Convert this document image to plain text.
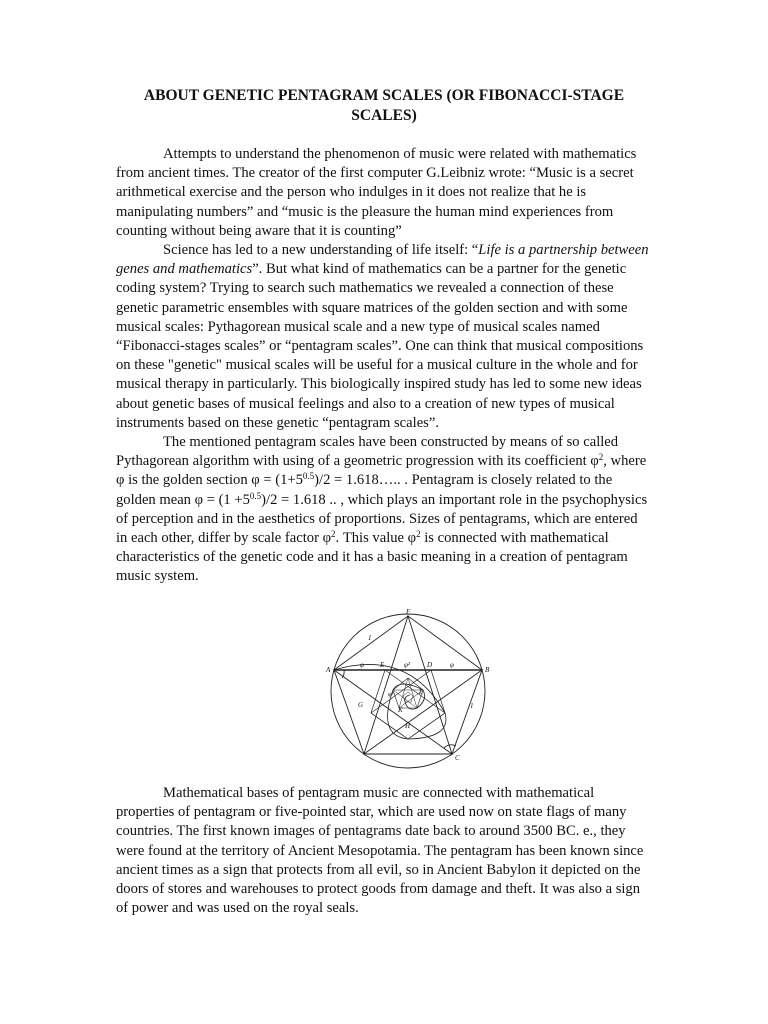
ABOUT GENETIC PENTAGRAM SCALES (OR FIBONACCI-STAGE SCALES)

Attempts to understand the phenomenon of music were related with mathematics from ancient times. The creator of the first computer G.Leibniz wrote: “Music is a secret arithmetical exercise and the person who indulges in it does not realize that he is manipulating numbers” and “music is the pleasure the human mind experiences from counting without being aware that it is counting”

Science has led to a new understanding of life itself: “Life is a partnership between genes and mathematics”. But what kind of mathematics can be a partner for the genetic coding system? Trying to search such mathematics we revealed a connection of these genetic parametric ensembles with square matrices of the golden section and with some musical scales: Pythagorean musical scale and a new type of musical scales named “Fibonacci-stages scales” or “pentagram scales”. One can think that musical compositions on these "genetic" musical scales will be useful for a musical culture in the whole and for musical therapy in particularly. This biologically inspired study has led to some new ideas about genetic bases of musical feelings and also to a creation of new types of musical instruments based on these genetic “pentagram scales”.

The mentioned pentagram scales have been constructed by means of so called Pythagorean algorithm with using of a geometric progression with its coefficient $\varphi^2$, where φ is the golden section $\varphi = (1+5^{0.5})/2$ = 1.618….. . Pentagram is closely related to the golden mean $\varphi = (1 +5^{0.5})/2 = 1.618$ .. , which plays an important role in the psychophysics of perception and in the aesthetics of proportions. Sizes of pentagrams, which are entered in each other, differ by scale factor $\varphi^2$. This value $\varphi^2$ is connected with mathematical characteristics of the genetic code and it has a basic meaning in a creation of pentagram music system.

A	B
C
F
G
H
E	D
L
K
1
1
φ	φ
φ²
φ⁴

Mathematical bases of pentagram music are connected with mathematical properties of pentagram or five-pointed star, which are used now on state flags of many countries. The first known images of pentagrams date back to around 3500 BC. e., they were found at the territory of Ancient Mesopotamia. The pentagram has been known since ancient times as a sign that protects from all evil, so in Ancient Babylon it depicted on the doors of stores and warehouses to protect goods from damage and theft. It was also a sign of power and was used on the royal seals.
